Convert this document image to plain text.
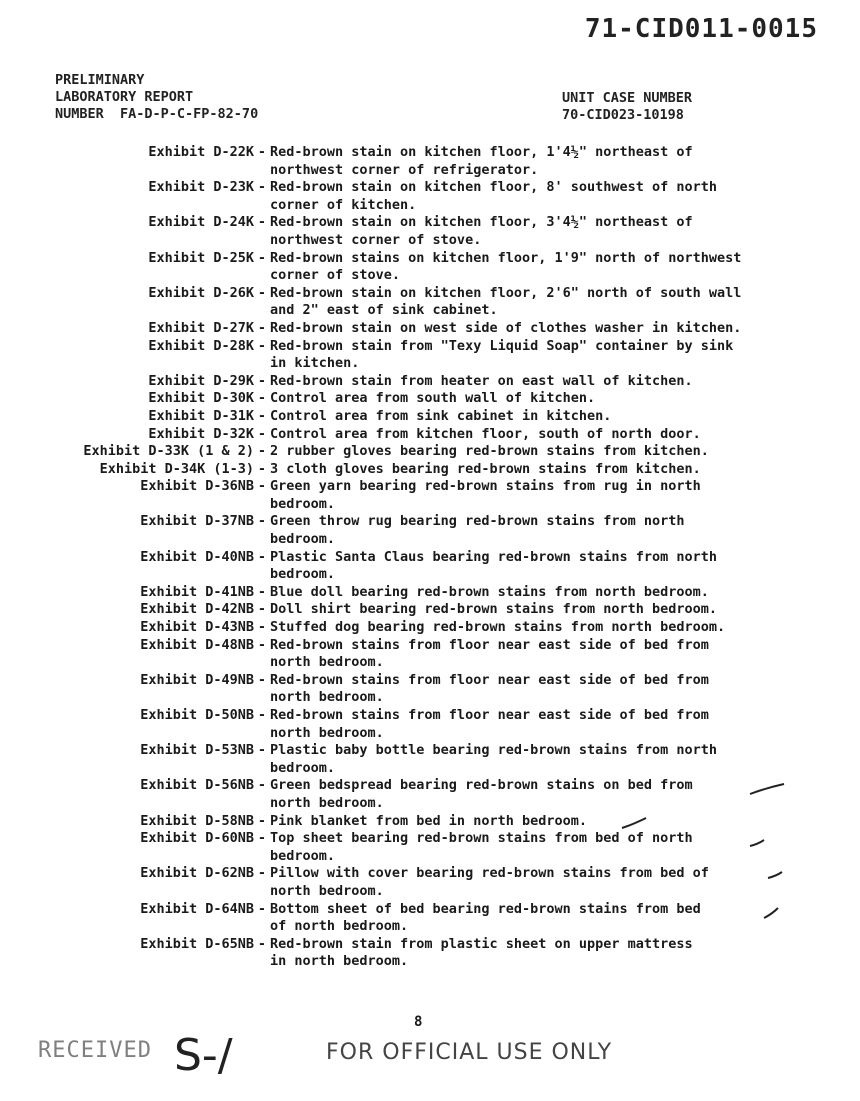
71-CID011-0015
PRELIMINARY
LABORATORY REPORT
NUMBER  FA-D-P-C-FP-82-70
UNIT CASE NUMBER
70-CID023-10198
Exhibit D-22K - Red-brown stain on kitchen floor, 1'4½" northeast of
northwest corner of refrigerator.
Exhibit D-23K - Red-brown stain on kitchen floor, 8' southwest of north
corner of kitchen.
Exhibit D-24K - Red-brown stain on kitchen floor, 3'4½" northeast of
northwest corner of stove.
Exhibit D-25K - Red-brown stains on kitchen floor, 1'9" north of northwest
corner of stove.
Exhibit D-26K - Red-brown stain on kitchen floor, 2'6" north of south wall
and 2" east of sink cabinet.
Exhibit D-27K - Red-brown stain on west side of clothes washer in kitchen.
Exhibit D-28K - Red-brown stain from "Texy Liquid Soap" container by sink
in kitchen.
Exhibit D-29K - Red-brown stain from heater on east wall of kitchen.
Exhibit D-30K - Control area from south wall of kitchen.
Exhibit D-31K - Control area from sink cabinet in kitchen.
Exhibit D-32K - Control area from kitchen floor, south of north door.
Exhibit D-33K (1 & 2) - 2 rubber gloves bearing red-brown stains from kitchen.
Exhibit D-34K (1-3) - 3 cloth gloves bearing red-brown stains from kitchen.
Exhibit D-36NB - Green yarn bearing red-brown stains from rug in north
bedroom.
Exhibit D-37NB - Green throw rug bearing red-brown stains from north
bedroom.
Exhibit D-40NB - Plastic Santa Claus bearing red-brown stains from north
bedroom.
Exhibit D-41NB - Blue doll bearing red-brown stains from north bedroom.
Exhibit D-42NB - Doll shirt bearing red-brown stains from north bedroom.
Exhibit D-43NB - Stuffed dog bearing red-brown stains from north bedroom.
Exhibit D-48NB - Red-brown stains from floor near east side of bed from
north bedroom.
Exhibit D-49NB - Red-brown stains from floor near east side of bed from
north bedroom.
Exhibit D-50NB - Red-brown stains from floor near east side of bed from
north bedroom.
Exhibit D-53NB - Plastic baby bottle bearing red-brown stains from north
bedroom.
Exhibit D-56NB - Green bedspread bearing red-brown stains on bed from
north bedroom.
Exhibit D-58NB - Pink blanket from bed in north bedroom.
Exhibit D-60NB - Top sheet bearing red-brown stains from bed of north
bedroom.
Exhibit D-62NB - Pillow with cover bearing red-brown stains from bed of
north bedroom.
Exhibit D-64NB - Bottom sheet of bed bearing red-brown stains from bed
of north bedroom.
Exhibit D-65NB - Red-brown stain from plastic sheet on upper mattress
in north bedroom.
8
RECEIVED S-/	FOR OFFICIAL USE ONLY
